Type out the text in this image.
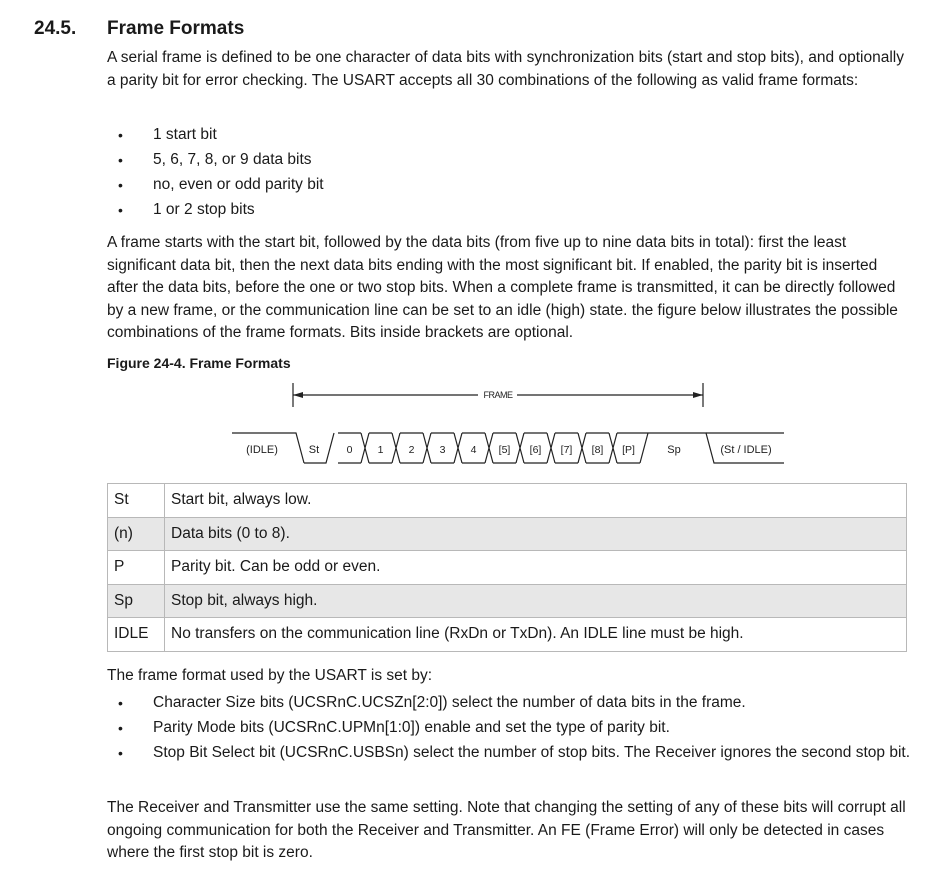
24.5. Frame Formats
A serial frame is defined to be one character of data bits with synchronization bits (start and stop bits), and optionally a parity bit for error checking. The USART accepts all 30 combinations of the following as valid frame formats:
• 1 start bit
• 5, 6, 7, 8, or 9 data bits
• no, even or odd parity bit
• 1 or 2 stop bits
A frame starts with the start bit, followed by the data bits (from five up to nine data bits in total): first the least significant data bit, then the next data bits ending with the most significant bit. If enabled, the parity bit is inserted after the data bits, before the one or two stop bits. When a complete frame is transmitted, it can be directly followed by a new frame, or the communication line can be set to an idle (high) state. the figure below illustrates the possible combinations of the frame formats. Bits inside brackets are optional.
Figure 24-4. Frame Formats
FRAME
(IDLE)	St	0 1 2 3 4 [5] [6] [7] [8] [P]	Sp	(St / IDLE)
St	Start bit, always low.
(n)	Data bits (0 to 8).
P	Parity bit. Can be odd or even.
Sp	Stop bit, always high.
IDLE	No transfers on the communication line (RxDn or TxDn). An IDLE line must be high.
The frame format used by the USART is set by:
• Character Size bits (UCSRnC.UCSZn[2:0]) select the number of data bits in the frame.
• Parity Mode bits (UCSRnC.UPMn[1:0]) enable and set the type of parity bit.
• Stop Bit Select bit (UCSRnC.USBSn) select the number of stop bits. The Receiver ignores the second stop bit.
The Receiver and Transmitter use the same setting. Note that changing the setting of any of these bits will corrupt all ongoing communication for both the Receiver and Transmitter. An FE (Frame Error) will only be detected in cases where the first stop bit is zero.
